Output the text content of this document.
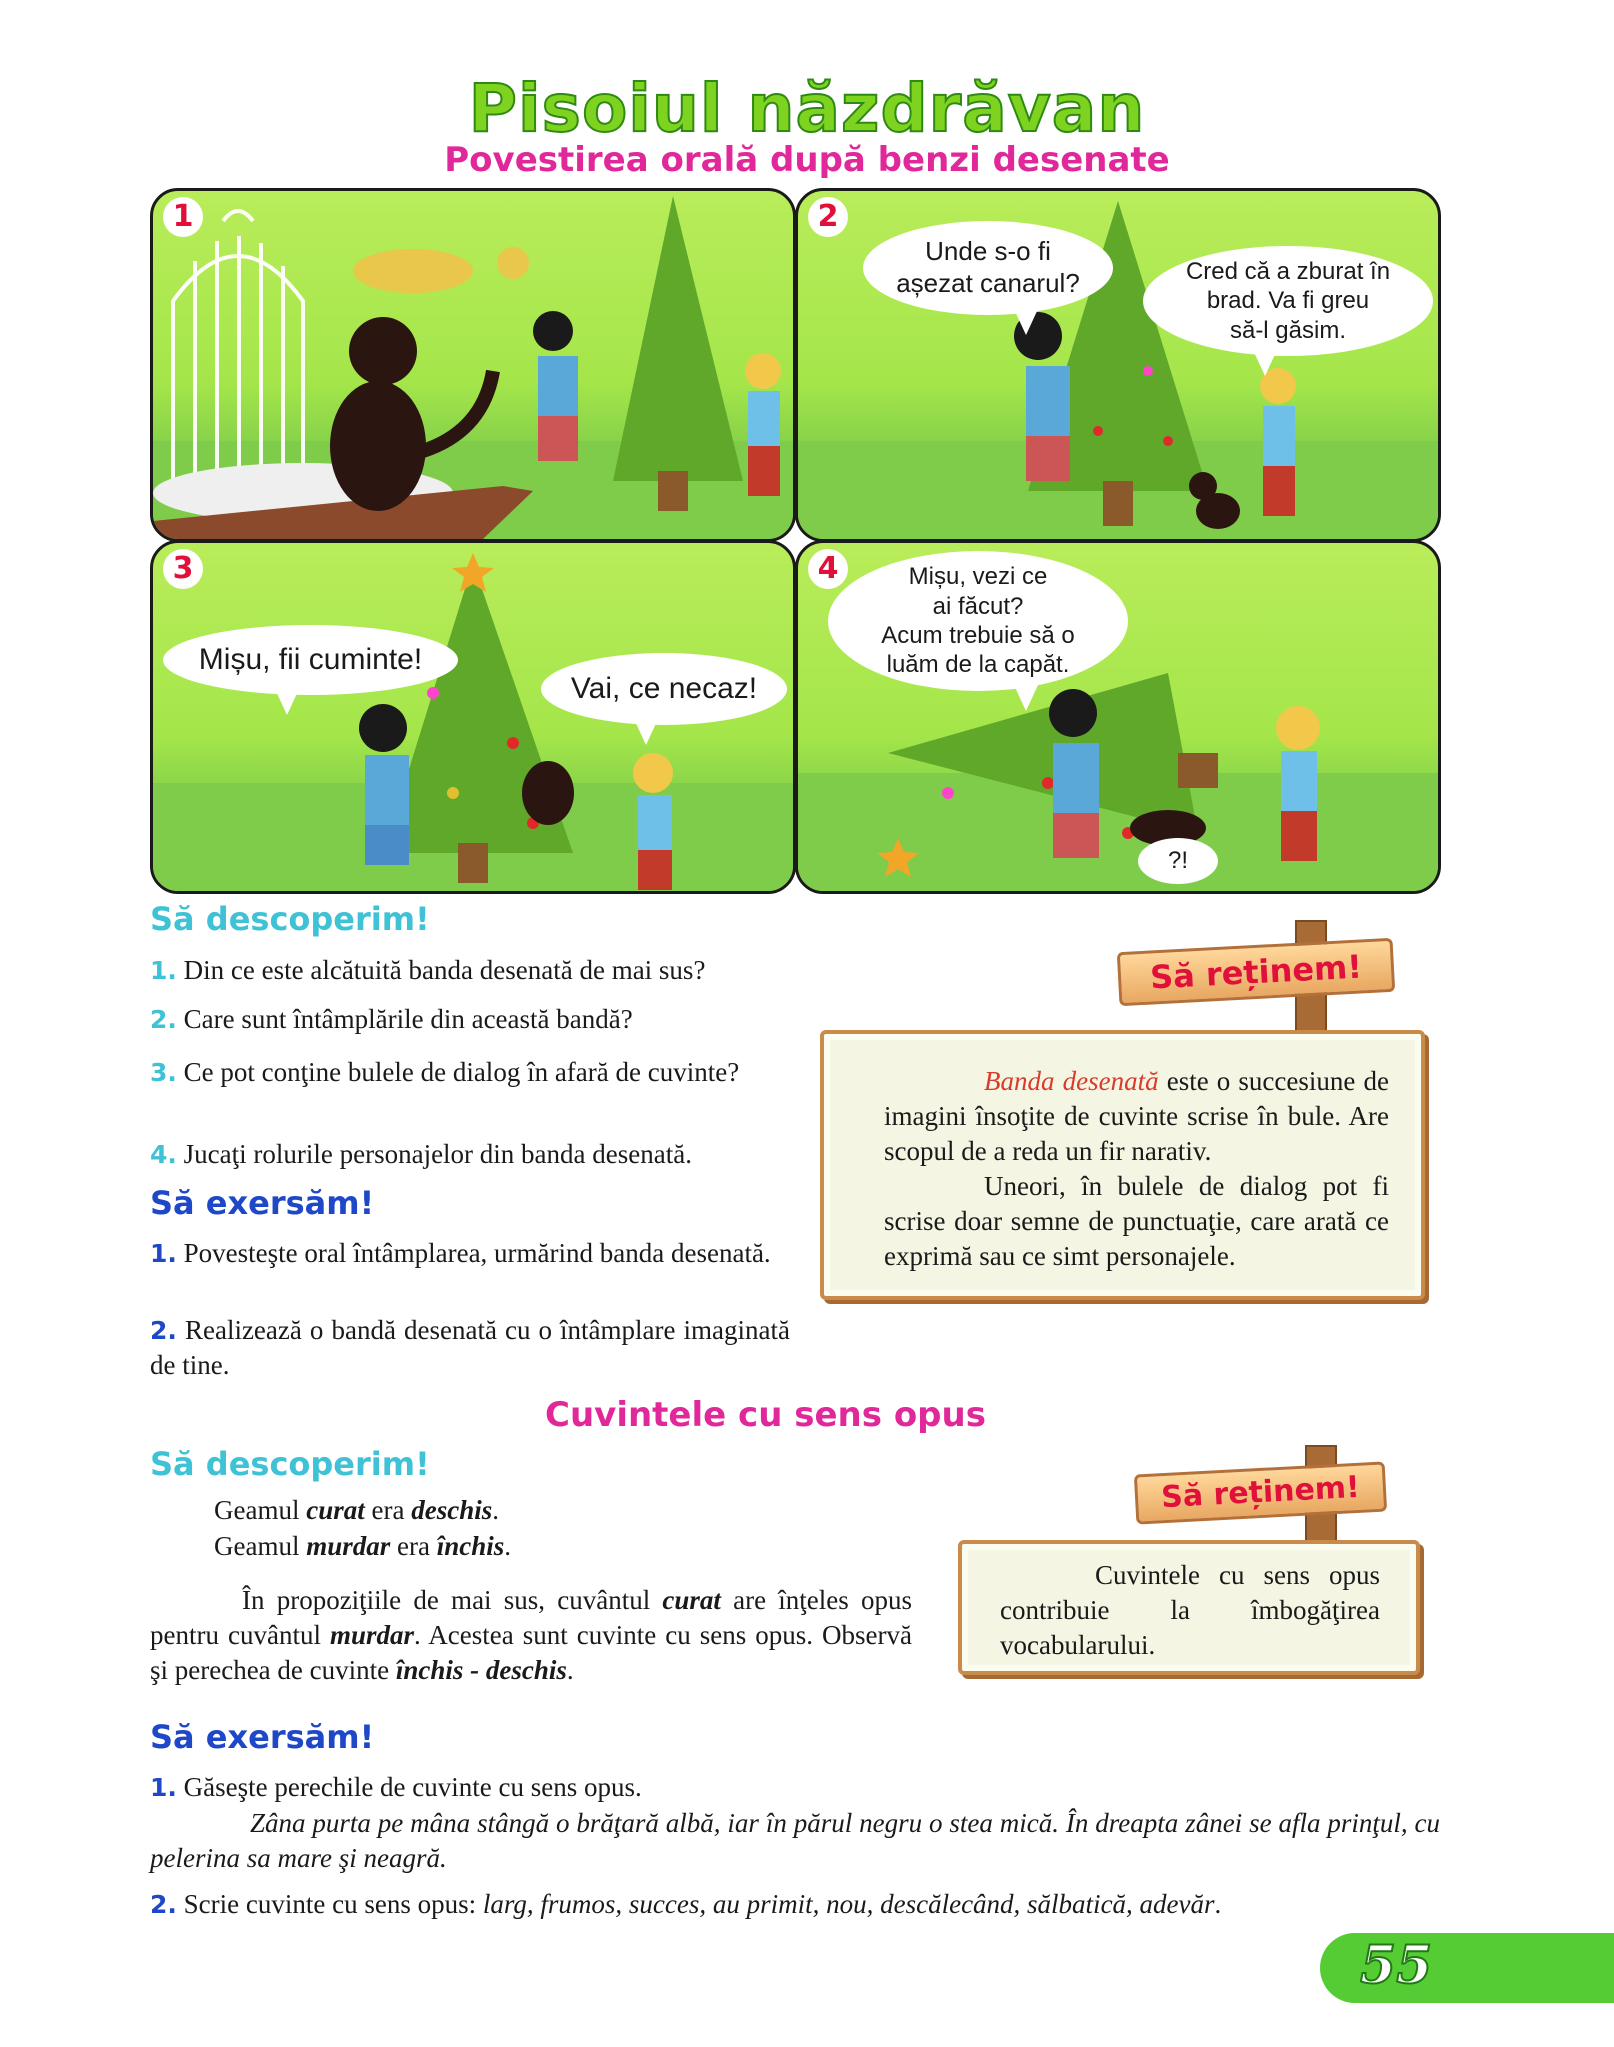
Pisoiul năzdrăvan
Povestirea orală după benzi desenate
1	2
Unde s-o fi
așezat canarul?	Cred că a zburat în
brad. Va fi greu
să-l găsim.
3
Mișu, fii cuminte!
Vai, ce necaz!
4	Mișu, vezi ce
ai făcut?
Acum trebuie să o
luăm de la capăt.
?!
Să descoperim!
1. Din ce este alcătuită banda desenată de mai sus?
2. Care sunt întâmplările din această bandă?
3. Ce pot conţine bulele de dialog în afară de cuvinte?
4. Jucaţi rolurile personajelor din banda desenată.
Să exersăm!
1. Povesteşte oral întâmplarea, urmărind banda desenată.
2. Realizează o bandă desenată cu o întâmplare imaginată de tine.
Să reținem!
Banda desenată este o succesiune de imagini însoţite de cuvinte scrise în bule. Are scopul de a reda un fir narativ.
Uneori, în bulele de dialog pot fi scrise doar semne de punctuaţie, care arată ce exprimă sau ce simt personajele.
Cuvintele cu sens opus
Să descoperim!
Geamul curat era deschis.
Geamul murdar era închis.
În propoziţiile de mai sus, cuvântul curat are înţeles opus pentru cuvântul murdar. Acestea sunt cuvinte cu sens opus. Observă şi perechea de cuvinte închis - deschis.
Să reținem!
Cuvintele cu sens opus contribuie la îmbogăţirea vocabularului.
Să exersăm!
1. Găseşte perechile de cuvinte cu sens opus.
Zâna purta pe mâna stângă o brăţară albă, iar în părul negru o stea mică. În dreapta zânei se afla prinţul, cu pelerina sa mare şi neagră.
2. Scrie cuvinte cu sens opus: larg, frumos, succes, au primit, nou, descălecând, sălbatică, adevăr.
55
